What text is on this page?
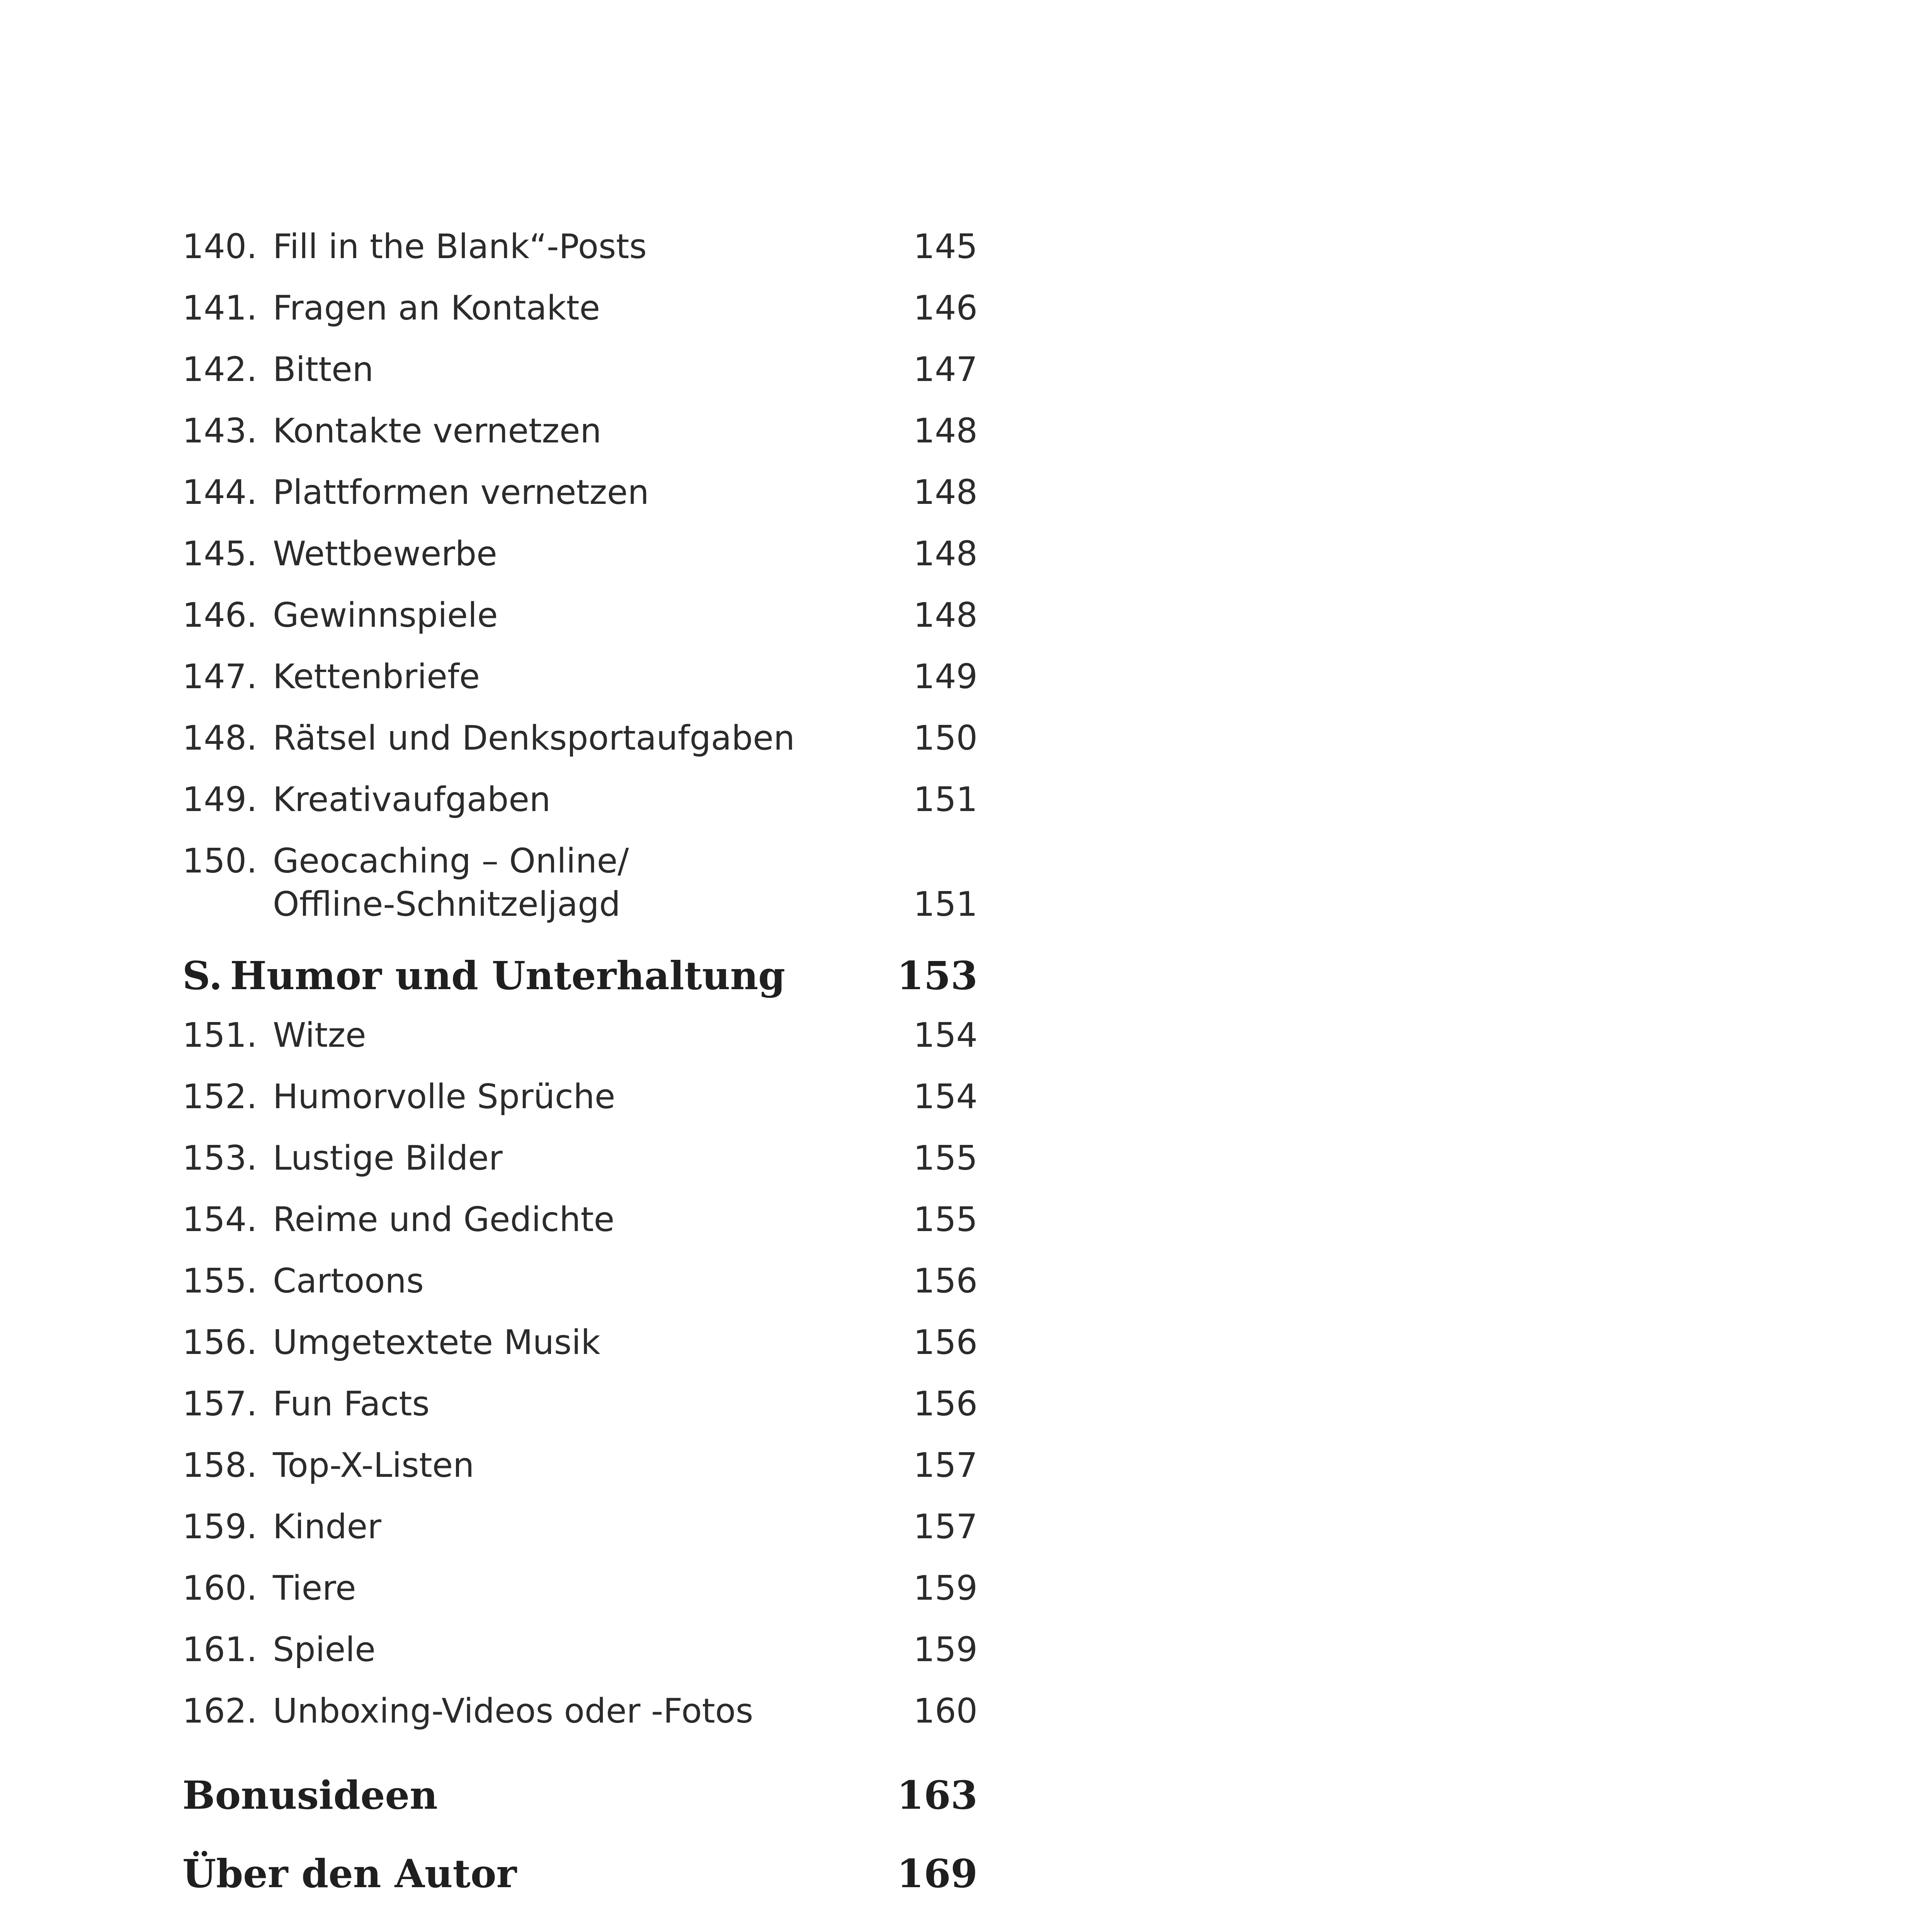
140. Fill in the Blank“-Posts	145
141. Fragen an Kontakte	146
142. Bitten	147
143. Kontakte vernetzen	148
144. Plattformen vernetzen	148
145. Wettbewerbe	148
146. Gewinnspiele	148
147. Kettenbriefe	149
148. Rätsel und Denksportaufgaben	150
149. Kreativaufgaben	151
150. Geocaching – Online/
Offline-Schnitzeljagd	151
S. Humor und Unterhaltung	153
151. Witze	154
152. Humorvolle Sprüche	154
153. Lustige Bilder	155
154. Reime und Gedichte	155
155. Cartoons	156
156. Umgetextete Musik	156
157. Fun Facts	156
158. Top-X-Listen	157
159. Kinder	157
160. Tiere	159
161. Spiele	159
162. Unboxing-Videos oder -Fotos	160
Bonusideen	163
Über den Autor	169
